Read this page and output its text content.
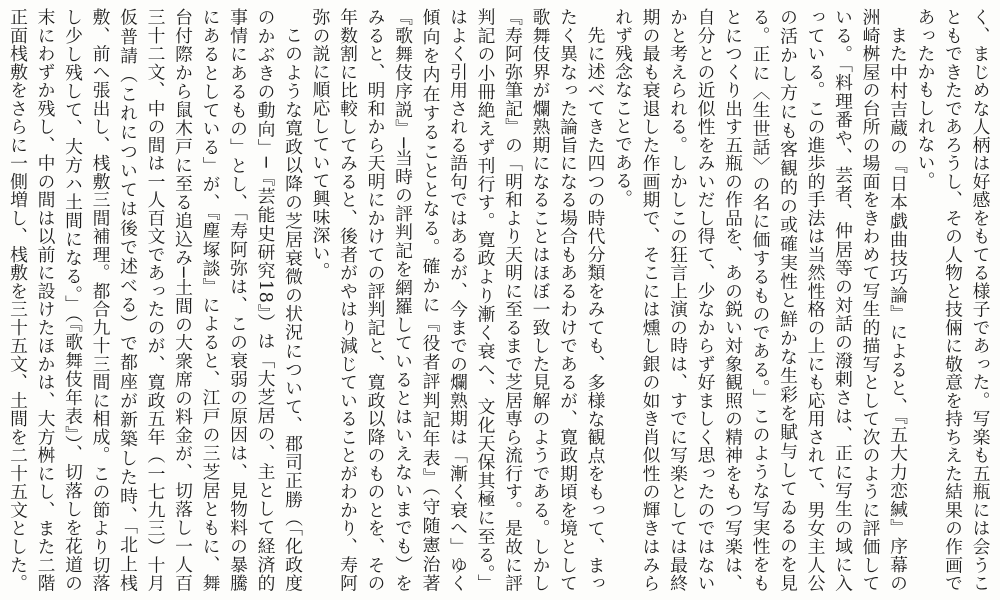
く、まじめな人柄は好感をもてる様子であった。写楽も五瓶には会うこともできたであろうし、その人物と技倆に敬意を持ちえた結果の作画であったかもしれない。

また中村吉蔵の『日本戯曲技巧論』によると、『五大力恋緘』序幕の洲崎桝屋の台所の場面をきわめて写生的描写として次のように評価している。「料理番や、芸者、仲居等の対話の潑剌さは、正に写生の域に入っている。この進歩的手法は当然性格の上にも応用されて、男女主人公の活かし方にも客観的の或確実性と鮮かな生彩を賦与してゐるのを見る。正に〈生世話〉の名に価するものである。」このような写実性をもとにつくり出す五瓶の作品を、あの鋭い対象観照の精神をもつ写楽は、自分との近似性をみいだし得て、少なからず好ましく思ったのではないかと考えられる。しかしこの狂言上演の時は、すでに写楽としては最終期の最も衰退した作画期で、そこには燻し銀の如き肖似性の輝きはみられず残念なことである。

先に述べてきた四つの時代分類をみても、多様な観点をもって、まったく異なった論旨になる場合もあるわけであるが、寛政期頃を境として歌舞伎界が爛熟期になることはほぼ一致した見解のようである。しかし『寿阿弥筆記』の「明和より天明に至るまで芝居専ら流行す。是故に評判記の小冊絶えず刊行す。寛政より漸く衰へ、文化天保其極に至る。」はよく引用される語句ではあるが、今までの爛熟期は「漸く衰へ」ゆく傾向を内在することとなる。確かに『役者評判記年表』（守随憲治著『歌舞伎序説』─当時の評判記を網羅しているとはいえないまでも）をみると、明和から天明にかけての評判記と、寛政以降のものとを、その年数割に比較してみると、後者がやはり減じていることがわかり、寿阿弥の説に順応していて興味深い。

このような寛政以降の芝居衰微の状況について、郡司正勝（「化政度のかぶきの動向」─『芸能史研究18』）は「大芝居の、主として経済的事情にあるもの」とし、「寿阿弥は、この衰弱の原因は、見物料の暴騰にあるとしている」が、『塵塚談』によると、江戸の三芝居ともに、舞台付際から鼠木戸に至る追込み─土間の大衆席の料金が、切落し一人百三十二文、中の間は一人百文であったのが、寛政五年（一七九三）十月仮普請（これについては後で述べる）で都座が新築した時、「北上桟敷、前へ張出し、桟敷三間補理。都合九十三間に相成。この節より切落し少し残して、大方ハ土間になる。」（『歌舞伎年表』）、切落しを花道の末にわずか残し、中の間は以前に設けたほかは、大方桝にし、また二階正面桟敷をさらに一側増し、桟敷を三十五文、土間を二十五文とした。
